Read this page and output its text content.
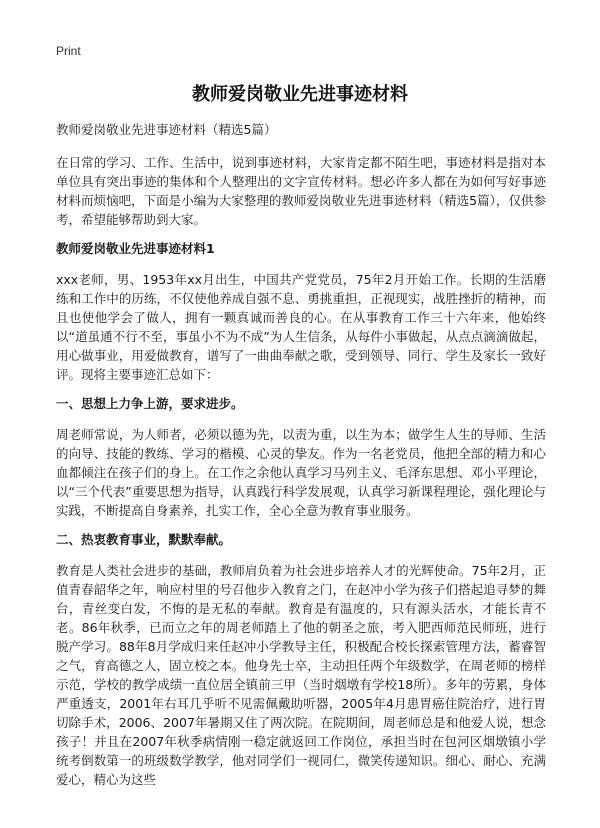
Print
教师爱岗敬业先进事迹材料

教师爱岗敬业先进事迹材料（精选5篇）

在日常的学习、工作、生活中，说到事迹材料，大家肯定都不陌生吧，事迹材料是指对本单位具有突出事迹的集体和个人整理出的文字宣传材料。想必许多人都在为如何写好事迹材料而烦恼吧，下面是小编为大家整理的教师爱岗敬业先进事迹材料（精选5篇），仅供参考，希望能够帮助到大家。

教师爱岗敬业先进事迹材料1

xxx老师，男、1953年xx月出生，中国共产党党员，75年2月开始工作。长期的生活磨练和工作中的历练，不仅使他养成自强不息、勇挑重担，正视现实，战胜挫折的精神，而且也使他学会了做人，拥有一颗真诚而善良的心。在从事教育工作三十六年来，他始终以“道虽通不行不至，事虽小不为不成”为人生信条，从每件小事做起，从点点滴滴做起，用心做事业，用爱做教育，谱写了一曲曲奉献之歌，受到领导、同行、学生及家长一致好评。现将主要事迹汇总如下：

一、思想上力争上游，要求进步。

周老师常说，为人师者，必须以德为先，以责为重，以生为本；做学生人生的导师、生活的向导、技能的教练、学习的楷模、心灵的挚友。作为一名老党员，他把全部的精力和心血都倾注在孩子们的身上。在工作之余他认真学习马列主义、毛泽东思想、邓小平理论，以“三个代表”重要思想为指导，认真践行科学发展观，认真学习新课程理论，强化理论与实践，不断提高自身素养，扎实工作，全心全意为教育事业服务。

二、热衷教育事业，默默奉献。

教育是人类社会进步的基础，教师肩负着为社会进步培养人才的光辉使命。75年2月，正值青春韶华之年，响应村里的号召他步入教育之门，在赵冲小学为孩子们搭起追寻梦的舞台，青丝变白发，不悔的是无私的奉献。教育是有温度的，只有源头活水，才能长青不老。86年秋季，已而立之年的周老师踏上了他的朝圣之旅，考入肥西师范民师班，进行脱产学习。88年8月学成归来任赵冲小学教导主任，积极配合校长探索管理方法，蓄睿智之气，育高德之人，固立校之本。他身先士卒，主动担任两个年级数学，在周老师的榜样示范，学校的教学成绩一直位居全镇前三甲（当时烟墩有学校18所）。多年的劳累，身体严重透支，2001年右耳几乎听不见需佩戴助听器，2005年4月患胃癌住院治疗，进行胃切除手术，2006、2007年暑期又住了两次院。在院期间，周老师总是和他爱人说，想念孩子！并且在2007年秋季病情刚一稳定就返回工作岗位，承担当时在包河区烟墩镇小学统考倒数第一的班级数学教学，他对同学们一视同仁，微笑传递知识。细心、耐心、充满爱心，精心为这些
